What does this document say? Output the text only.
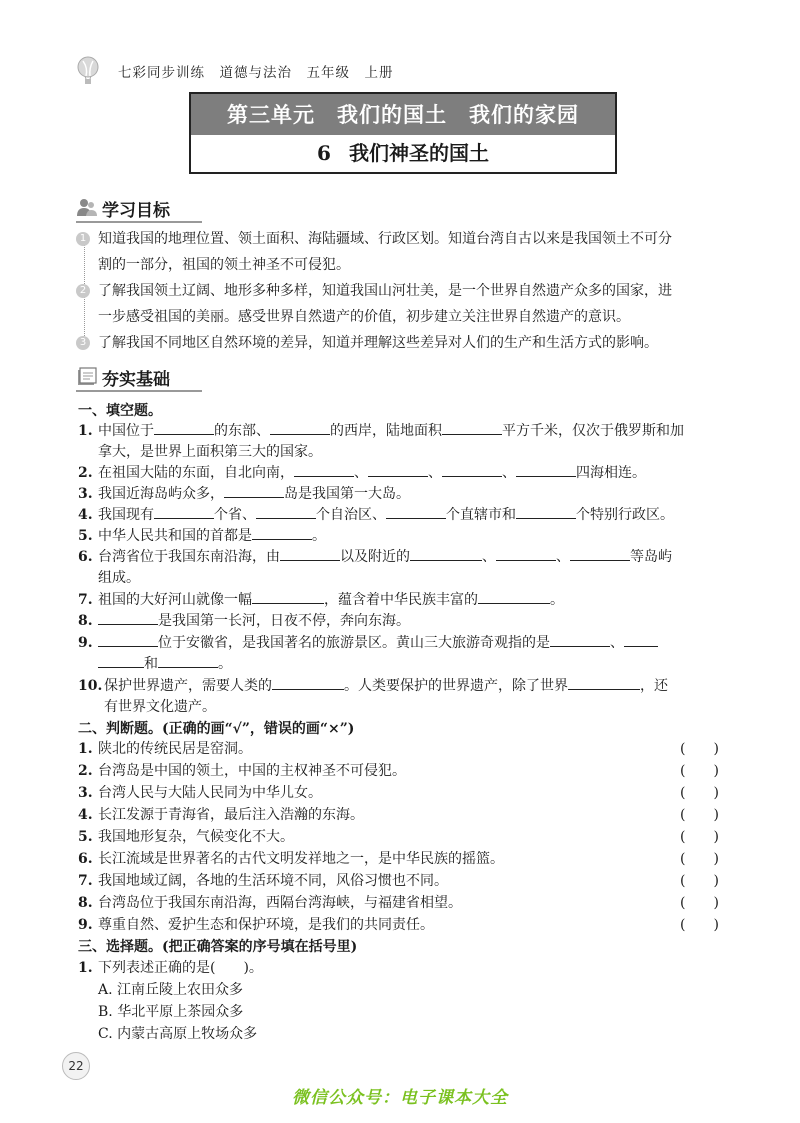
七彩同步训练　道德与法治　五年级　上册
第三单元　我们的国土　我们的家园
6 我们神圣的国土
学习目标
1 知道我国的地理位置、领土面积、海陆疆域、行政区划。知道台湾自古以来是我国领土不可分
割的一部分，祖国的领土神圣不可侵犯。
2 了解我国领土辽阔、地形多种多样，知道我国山河壮美，是一个世界自然遗产众多的国家，进
一步感受祖国的美丽。感受世界自然遗产的价值，初步建立关注世界自然遗产的意识。
3 了解我国不同地区自然环境的差异，知道并理解这些差异对人们的生产和生活方式的影响。
夯实基础
一、填空题。
1. 中国位于	的东部、	的西岸，陆地面积	平方千米，仅次于俄罗斯和加
拿大，是世界上面积第三大的国家。
2. 在祖国大陆的东面，自北向南，	、	、	、	四海相连。
3. 我国近海岛屿众多，	岛是我国第一大岛。
4. 我国现有	个省、	个自治区、	个直辖市和	个特别行政区。
5. 中华人民共和国的首都是	。
6. 台湾省位于我国东南沿海，由	以及附近的	、	、	等岛屿
组成。
7. 祖国的大好河山就像一幅	，蕴含着中华民族丰富的	。
8.	是我国第一长河，日夜不停，奔向东海。
9.	位于安徽省，是我国著名的旅游景区。黄山三大旅游奇观指的是	、
和	。
10. 保护世界遗产，需要人类的	。人类要保护的世界遗产，除了世界	，还
有世界文化遗产。
二、判断题。(正确的画“√”，错误的画“×”)
1. 陕北的传统民居是窑洞。	(　　)
2. 台湾岛是中国的领土，中国的主权神圣不可侵犯。	(　　)
3. 台湾人民与大陆人民同为中华儿女。	(　　)
4. 长江发源于青海省，最后注入浩瀚的东海。	(　　)
5. 我国地形复杂，气候变化不大。	(　　)
6. 长江流域是世界著名的古代文明发祥地之一，是中华民族的摇篮。	(　　)
7. 我国地域辽阔，各地的生活环境不同，风俗习惯也不同。	(　　)
8. 台湾岛位于我国东南沿海，西隔台湾海峡，与福建省相望。	(　　)
9. 尊重自然、爱护生态和保护环境，是我们的共同责任。	(　　)
三、选择题。(把正确答案的序号填在括号里)
1. 下列表述正确的是(　　)。
A. 江南丘陵上农田众多
B. 华北平原上茶园众多
C. 内蒙古高原上牧场众多
22
微信公众号：电子课本大全
